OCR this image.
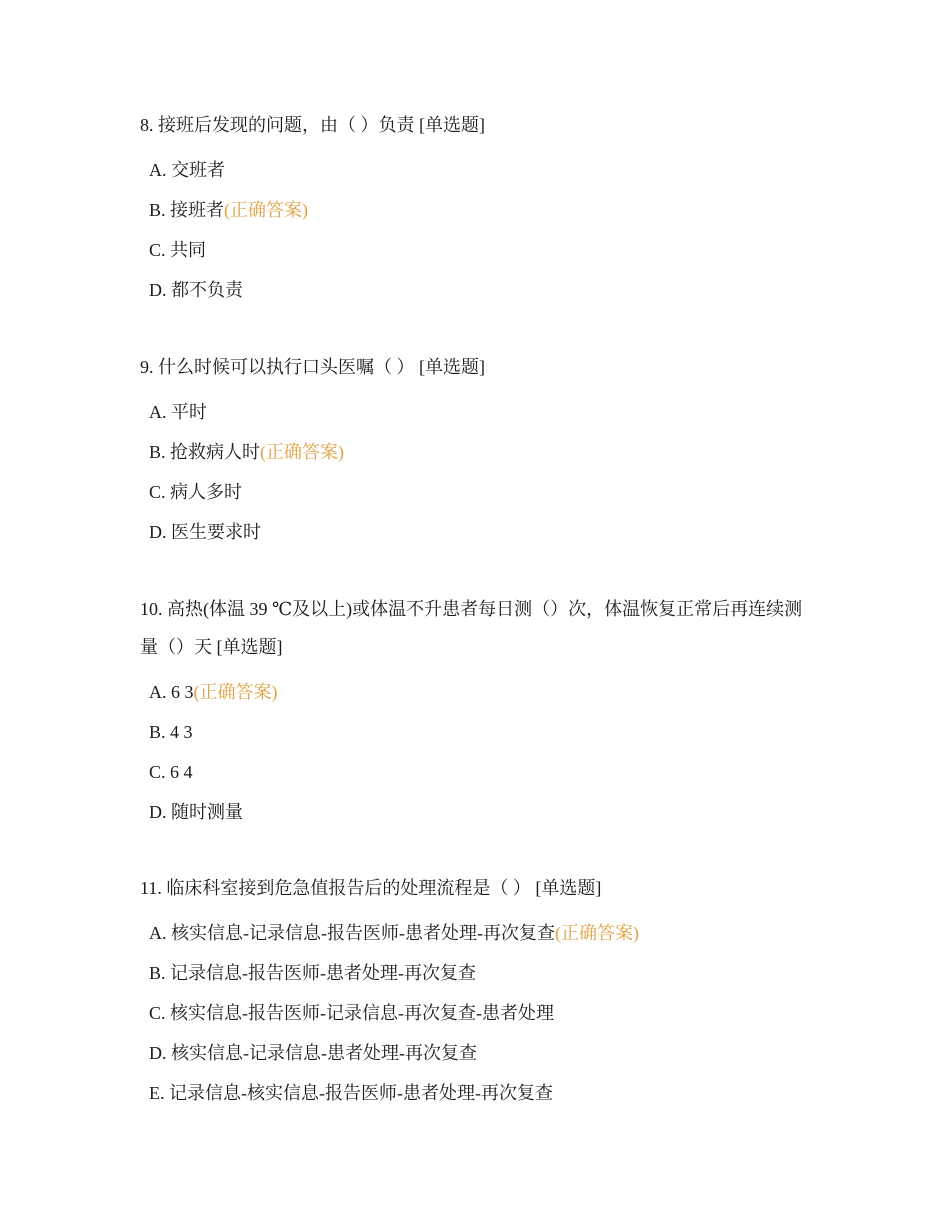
8. 接班后发现的问题，由（ ）负责 [单选题]
A. 交班者
B. 接班者(正确答案)
C. 共同
D. 都不负责
9. 什么时候可以执行口头医嘱（ ） [单选题]
A. 平时
B. 抢救病人时(正确答案)
C. 病人多时
D. 医生要求时
10. 高热(体温 39 ℃及以上)或体温不升患者每日测（）次，体温恢复正常后再连续测量（）天 [单选题]
A. 6 3(正确答案)
B. 4 3
C. 6 4
D. 随时测量
11. 临床科室接到危急值报告后的处理流程是（ ） [单选题]
A. 核实信息-记录信息-报告医师-患者处理-再次复查(正确答案)
B. 记录信息-报告医师-患者处理-再次复查
C. 核实信息-报告医师-记录信息-再次复查-患者处理
D. 核实信息-记录信息-患者处理-再次复查
E. 记录信息-核实信息-报告医师-患者处理-再次复查
